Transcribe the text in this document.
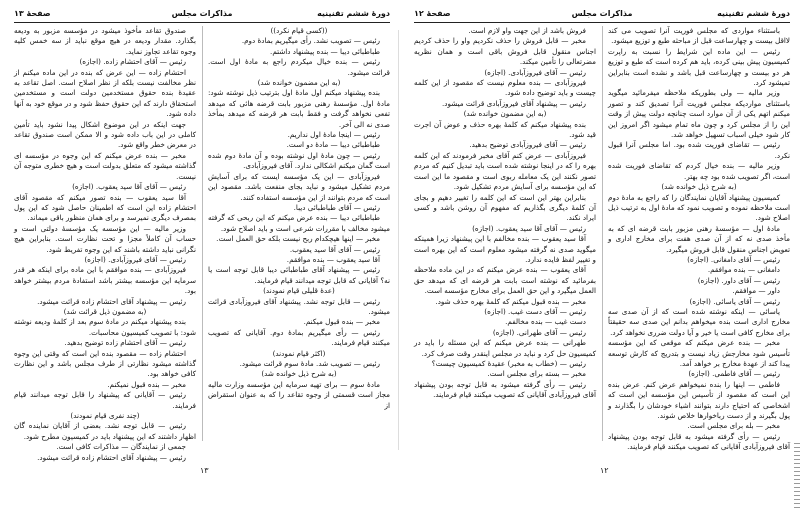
دورهٔ ششم تقنینیه
مذاکرات مجلس
صفحهٔ ۱۳

((کسی قیام نکرد))

رئیس — تصویب نشد. رأی میگیریم بمادهٔ دوم.

طباطبائی دیبا — بنده پیشنهاد داشتم.

رئیس — بنده خیال میکردم راجع به مادهٔ اول است. قرائت میشود.

(به این مضمون خوانده شد)

بنده پیشنهاد میکنم اول مادهٔ اول بترتیب ذیل نوشته شود: مادهٔ اول. مؤسسهٔ رهنی مزبور بابت قرضه هائی که میدهد تفعی نخواهد گرفت و فقط بابت هر قرضه که میدهد بمأخذ صدی نه الی آخر.

رئیس — اینجا مادهٔ اول نداریم.

طباطبائی دیبا — مادهٔ دو است.

رئیس — چون مادهٔ اول نوشته بوده و آن مادهٔ دوم شده است گمان میکنم اشکالی ندارد. آقای فیروزآبادی.

فیروزآبادی — این یک مؤسسه ایست که برای آسایش مردم تشکیل میشود و نباید بجای منفعت باشد. مقصود این است که مردم بتوانند از این مؤسسه استفاده کنند.

رئیس — آقای طباطبائی دیبا.

طباطبائی دیبا — بنده عرض میکنم که این ربحی که گرفته میشود مخالف با مقررات شرعی است و باید اصلاح شود.

مخبر — اینها هیچکدام ربح نیست بلکه حق العمل است.

رئیس — آقای آقا سید یعقوب.

آقا سید یعقوب — بنده موافقم.

رئیس — پیشنهاد آقای طباطبائی دیبا قابل توجه است یا نه؟ آقایانی که قابل توجه میدانند قیام فرمایند.

(عدهٔ قلیلی قیام نمودند)

رئیس — قابل توجه نشد. پیشنهاد آقای فیروزآبادی قرائت میشود.

مخبر — بنده قبول میکنم.

رئیس — رأی میگیریم بمادهٔ دوم. آقایانی که تصویب میکنند قیام فرمایند.

(اکثر قیام نمودند)

رئیس — تصویب شد. مادهٔ سوم قرائت میشود.

(به شرح ذیل خوانده شد)

مادهٔ سوم — برای تهیه سرمایه این مؤسسه وزارت مالیه مجاز است قسمتی از وجوه تقاعد را که به عنوان استقراض از

صندوق تقاعد مأخوذ میشود در مؤسسه مزبور به ودیعه بگذارد. مقدار ودیعه در هیچ موقع نباید از سه خمس کلیه وجوه تقاعد تجاوز نماید.

رئیس — آقای احتشام زاده. (اجازه)

احتشام زاده — این عرض که بنده در این ماده میکنم از نظر مخالفت نیست بلکه از نظر اصلاح است. اصل تقاعد به عقیدهٔ بنده حقوق مستخدمین دولت است و مستخدمین استحقاق دارند که این حقوق حفظ شود و در موقع خود به آنها داده شود.

جهت اینکه در این موضوع اشکال پیدا نشود باید تأمین کاملی در این باب داده شود و الا ممکن است صندوق تقاعد در معرض خطر واقع شود.

مخبر — بنده عرض میکنم که این وجوه در مؤسسه ای گذاشته میشود که متعلق بدولت است و هیچ خطری متوجه آن نیست.

رئیس — آقای آقا سید یعقوب. (اجازه)

آقا سید یعقوب — بنده تصور میکنم که مقصود آقای احتشام زاده این است که اطمینان حاصل شود که این پول بمصرف دیگری نمیرسد و برای همان منظور باقی میماند.

وزیر مالیه — این مؤسسه یک مؤسسهٔ دولتی است و حساب آن کاملاً مجزا و تحت نظارت است. بنابراین هیچ نگرانی نباید داشته باشند که این وجوه تفریط شود.

رئیس — آقای فیروزآبادی. (اجازه)

فیروزآبادی — بنده موافقم با این ماده برای اینکه هر قدر سرمایه این مؤسسه بیشتر باشد استفادهٔ مردم بیشتر خواهد بود.

رئیس — پیشنهاد آقای احتشام زاده قرائت میشود.

(به مضمون ذیل قرائت شد)

بنده پیشنهاد میکنم در مادهٔ سوم بعد از کلمهٔ ودیعه نوشته شود: با تصویب کمیسیون محاسبات.

رئیس — آقای احتشام زاده توضیح بدهید.

احتشام زاده — مقصود بنده این است که وقتی این وجوه گذاشته میشود نظارتی از طرف مجلس باشد و این نظارت کافی خواهد بود.

مخبر — بنده قبول نمیکنم.

رئیس — آقایانی که پیشنهاد را قابل توجه میدانند قیام فرمایند.

(چند نفری قیام نمودند)

رئیس — قابل توجه نشد. بعضی از آقایان نماینده گان اظهار داشتند که این پیشنهاد باید در کمیسیون مطرح شود.

جمعی از نمایندگان — مذاکرات کافی است.

رئیس — پیشنهاد آقای احتشام زاده قرائت میشود.

۱۳
دورهٔ ششم تقنینیه
مذاکرات مجلس
صفحهٔ ۱۲

باستثناء مواردی که مجلس فوریت آنرا تصویب می کند لااقل بیست و چهارساعت قبل از مباحثه طبع و توزیع میشود.

رئیس — این ماده این شرایط را نسبت به راپرت کمیسیون پیش بینی کرده، باید هم کرده است که طبع و توزیع هر دو بیست و چهارساعت قبل باشد و نشده است بنابراین تمیشود کرد.

وزیر مالیه — ولی بطوریکه ملاحظه میفرمائید میگوید باستثنای مواردیکه مجلس فوریت آنرا تصدیق کند و تصور میکنم اتهم یکی از آن موارد است چنانچه دولت پیش از وقت این را از مجلس کرد و چون ماه تمام میشود اگر امروز این کار شود خیلی اسباب تسهیل خواهد شد.

رئیس — تقاضای فوریت شده بود. اما مجلس آنرا قبول نکرد.

وزیر مالیه — بنده خیال کردم که تقاضای فوریت شده است، اگر تصویب شده بود چه بهتر.

(به شرح ذیل خوانده شد)

کمیسیون پیشنهاد آقایان نمایندگان را که راجع به مادهٔ دوم است ملاحظه نموده و تصویب نمود که مادهٔ اول به ترتیب ذیل اصلاح شود.

مادهٔ اول — مؤسسهٔ رهنی مزبور بابت قرضه ای که به مأخذ صدی نه که از آن صدی هفت برای مخارج اداری و تعویض اجناس منقول قابل فروش میگیرد.

رئیس — آقای دامغانی. (اجازه)

دامغانی — بنده موافقم.

رئیس — آقای داور. (اجازه)

داور — موافقم.

رئیس — آقای یاسائی. (اجازه)

یاسائی — اینکه نوشته شده است که از آن صدی سه مخارج اداری است بنده میخواهم بدانم این صدی سه حقیقتاً برای مخارج کافی است یا خیر و آیا دولت ضرری نخواهد کرد.

مخبر — بنده عرض میکنم که موقعی که این مؤسسه تأسیس شود مخارجش زیاد نیست و بتدریج که کارش توسعه پیدا کند از عهدهٔ مخارج بر خواهد آمد.

رئیس — آقای فاطمی. (اجازه)

فاطمی — اینها را بنده نمیخواهم عرض کنم. عرض بنده این است که مقصود از تأسیس این مؤسسه این است که اشخاصی که احتیاج دارند بتوانند اشیاء خودشان را بگذارند و پول بگیرند و از دست رباخوارها خلاص شوند.

مخبر — بله برای مجلس است.

رئیس — رأی گرفته میشود به قابل توجه بودن پیشنهاد آقای فیروزآبادی آقایانی که تصویب میکنند قیام فرمایند.

فروش باشد از این جهت واو لازم است.

مخبر — قابل فروش را حذف نکردیم واو را حذف کردیم اجناس منقول قابل فروش باقی است و همان نظریه مضرتعالی را تأمین میکند.

رئیس — آقای فیروزآبادی. (اجازه)

فیروزآبادی — بنده معلوم نیست که مقصود از این کلمه چیست و باید توضیح داده شود.

رئیس — پیشنهاد آقای فیروزآبادی قرائت میشود.

(به این مضمون خوانده شد)

بنده پیشنهاد میکنم که کلمهٔ بهره حذف و عوض آن اجرت قید شود.

رئیس — آقای فیروزآبادی توضیح بدهید.

فیروزآبادی — عرض کنم آقای مخبر فرمودند که این کلمه بهره را که در اینجا نوشته شده است باید تبدیل کنیم که مردم تصور نکنند این یک معامله ربوی است و مقصود ما این است که این مؤسسه برای آسایش مردم تشکیل شود.

بنابراین بهتر این است که این کلمه را تغییر دهیم و بجای آن کلمهٔ دیگری بگذاریم که مفهوم آن روشن باشد و کسی ایراد نکند.

رئیس — آقای آقا سید یعقوب. (اجازه)

آقا سید یعقوب — بنده مخالفم با این پیشنهاد زیرا همینکه میگوید صدی نه گرفته میشود معلوم است که این بهره است و تغییر لفظ فایده ندارد.

آقای یعقوب — بنده عرض میکنم که در این ماده ملاحظه بفرمائید که نوشته است بابت هر قرضه ای که میدهد حق العمل میگیرد و این حق العمل برای مخارج مؤسسه است.

مخبر — بنده قبول میکنم که کلمهٔ بهره حذف شود.

رئیس — آقای دست غیب. (اجازه)

دست غیب — بنده مخالفم.

رئیس — آقای طهرانی. (اجازه)

طهرانی — بنده عرض میکنم که این مسئله را باید در کمیسیون حل کرد و نباید در مجلس اینقدر وقت صرف کرد.

رئیس — (خطاب به مخبر) عقیدهٔ کمیسیون چیست؟

مخبر — بسته برای مجلس است.

رئیس — رأی گرفته میشود به قابل توجه بودن پیشنهاد آقای فیروزآبادی آقایانی که تصویب میکنند قیام فرمایند.

۱۲
